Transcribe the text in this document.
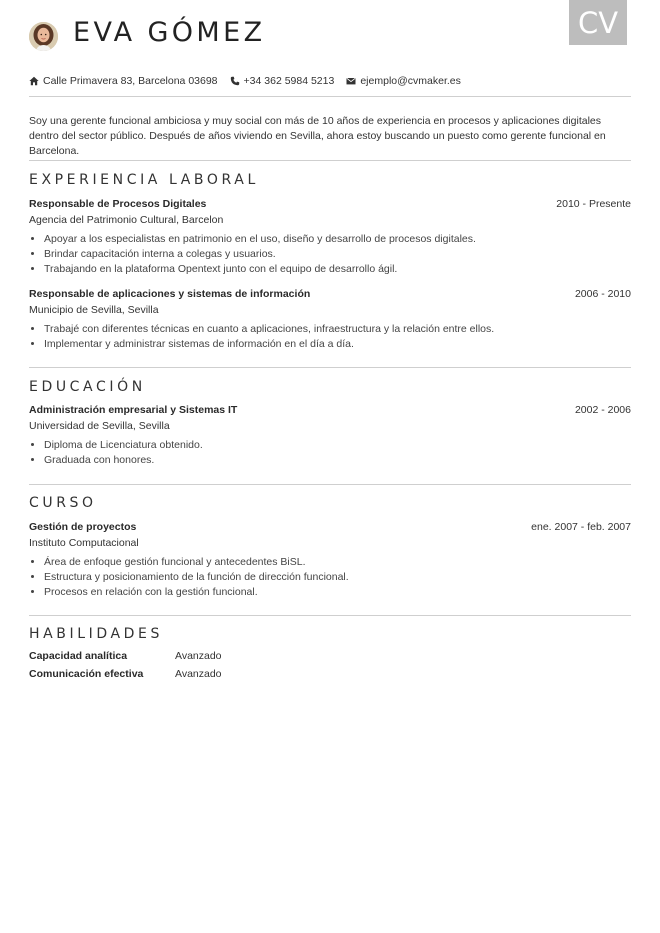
CV
EVA GÓMEZ
Calle Primavera 83, Barcelona 03698 +34 362 5984 5213 ejemplo@cvmaker.es
Soy una gerente funcional ambiciosa y muy social con más de 10 años de experiencia en procesos y aplicaciones digitales dentro del sector público. Después de años viviendo en Sevilla, ahora estoy buscando un puesto como gerente funcional en Barcelona.
EXPERIENCIA LABORAL
Responsable de Procesos Digitales	2010 - Presente
Agencia del Patrimonio Cultural, Barcelon
• Apoyar a los especialistas en patrimonio en el uso, diseño y desarrollo de procesos digitales.
• Brindar capacitación interna a colegas y usuarios.
• Trabajando en la plataforma Opentext junto con el equipo de desarrollo ágil.
Responsable de aplicaciones y sistemas de información	2006 - 2010
Municipio de Sevilla, Sevilla
• Trabajé con diferentes técnicas en cuanto a aplicaciones, infraestructura y la relación entre ellos.
• Implementar y administrar sistemas de información en el día a día.
EDUCACIÓN
Administración empresarial y Sistemas IT	2002 - 2006
Universidad de Sevilla, Sevilla
• Diploma de Licenciatura obtenido.
• Graduada con honores.
CURSO
Gestión de proyectos	ene. 2007 - feb. 2007
Instituto Computacional
• Área de enfoque gestión funcional y antecedentes BiSL.
• Estructura y posicionamiento de la función de dirección funcional.
• Procesos en relación con la gestión funcional.
HABILIDADES
Capacidad analítica	Avanzado
Comunicación efectiva	Avanzado
